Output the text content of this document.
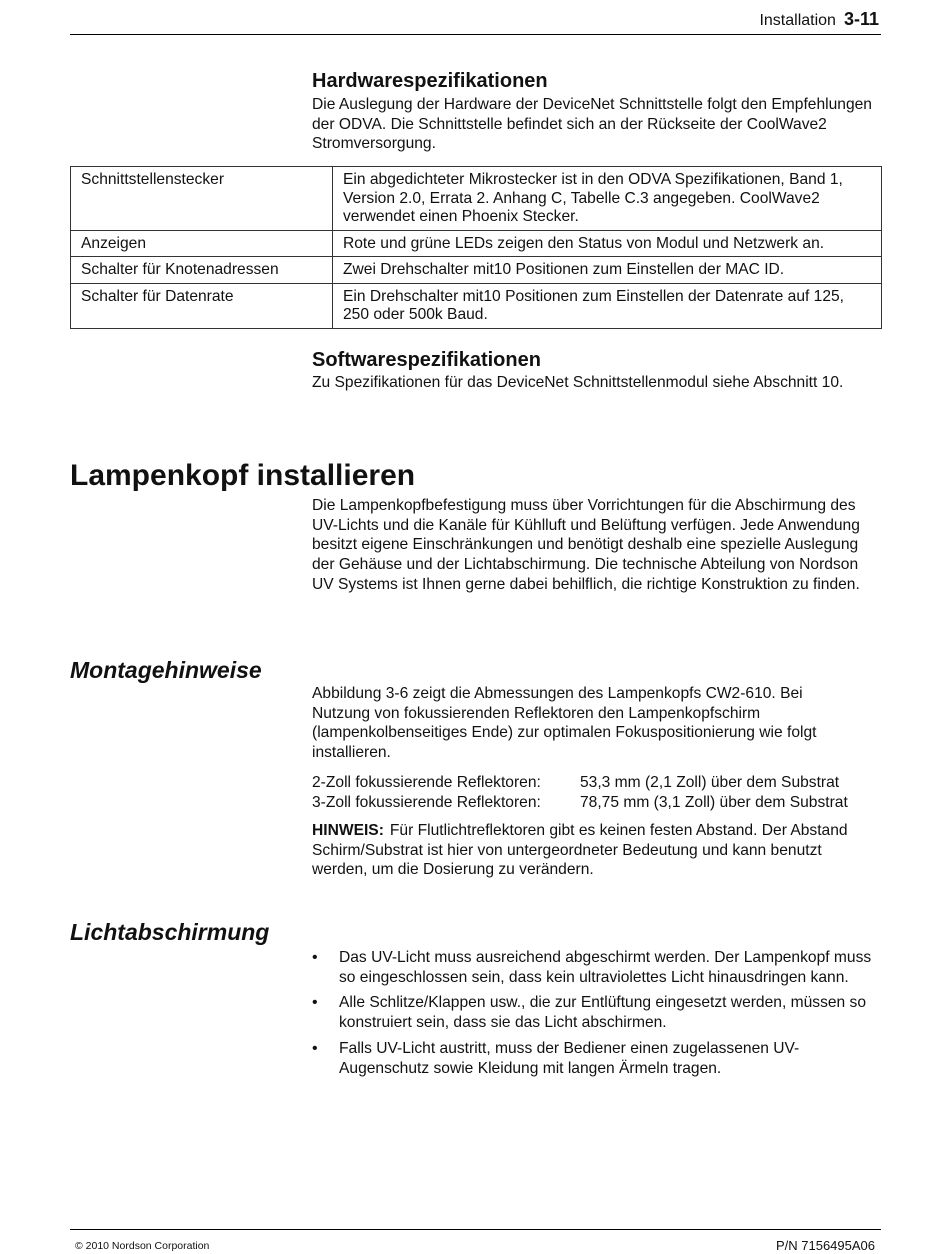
Installation 3-11
Hardwarespezifikationen

Die Auslegung der Hardware der DeviceNet Schnittstelle folgt den Empfehlungen der ODVA. Die Schnittstelle befindet sich an der Rückseite der CoolWave2 Stromversorgung.

Schnittstellenstecker	Ein abgedichteter Mikrostecker ist in den ODVA Spezifikationen, Band 1, Version 2.0, Errata 2. Anhang C, Tabelle C.3 angegeben. CoolWave2 verwendet einen Phoenix Stecker.
Anzeigen	Rote und grüne LEDs zeigen den Status von Modul und Netzwerk an.
Schalter für Knotenadressen	Zwei Drehschalter mit10 Positionen zum Einstellen der MAC ID.
Schalter für Datenrate	Ein Drehschalter mit10 Positionen zum Einstellen der Datenrate auf 125, 250 oder 500k Baud.
Softwarespezifikationen

Zu Spezifikationen für das DeviceNet Schnittstellenmodul siehe Abschnitt 10.

Lampenkopf installieren

Die Lampenkopfbefestigung muss über Vorrichtungen für die Abschirmung des UV-Lichts und die Kanäle für Kühlluft und Belüftung verfügen. Jede Anwendung besitzt eigene Einschränkungen und benötigt deshalb eine spezielle Auslegung der Gehäuse und der Lichtabschirmung. Die technische Abteilung von Nordson UV Systems ist Ihnen gerne dabei behilflich, die richtige Konstruktion zu finden.

Montagehinweise

Abbildung 3-6 zeigt die Abmessungen des Lampenkopfs CW2-610. Bei Nutzung von fokussierenden Reflektoren den Lampenkopfschirm (lampenkolbenseitiges Ende) zur optimalen Fokuspositionierung wie folgt installieren.

2-Zoll fokussierende Reflektoren:	53,3 mm (2,1 Zoll) über dem Substrat
3-Zoll fokussierende Reflektoren:	78,75 mm (3,1 Zoll) über dem Substrat

HINWEIS: Für Flutlichtreflektoren gibt es keinen festen Abstand. Der Abstand Schirm/Substrat ist hier von untergeordneter Bedeutung und kann benutzt werden, um die Dosierung zu verändern.

Lichtabschirmung
• Das UV-Licht muss ausreichend abgeschirmt werden. Der Lampenkopf muss so eingeschlossen sein, dass kein ultraviolettes Licht hinausdringen kann.
• Alle Schlitze/Klappen usw., die zur Entlüftung eingesetzt werden, müssen so konstruiert sein, dass sie das Licht abschirmen.
• Falls UV-Licht austritt, muss der Bediener einen zugelassenen UV-Augenschutz sowie Kleidung mit langen Ärmeln tragen.
© 2010 Nordson Corporation	P/N 7156495A06
